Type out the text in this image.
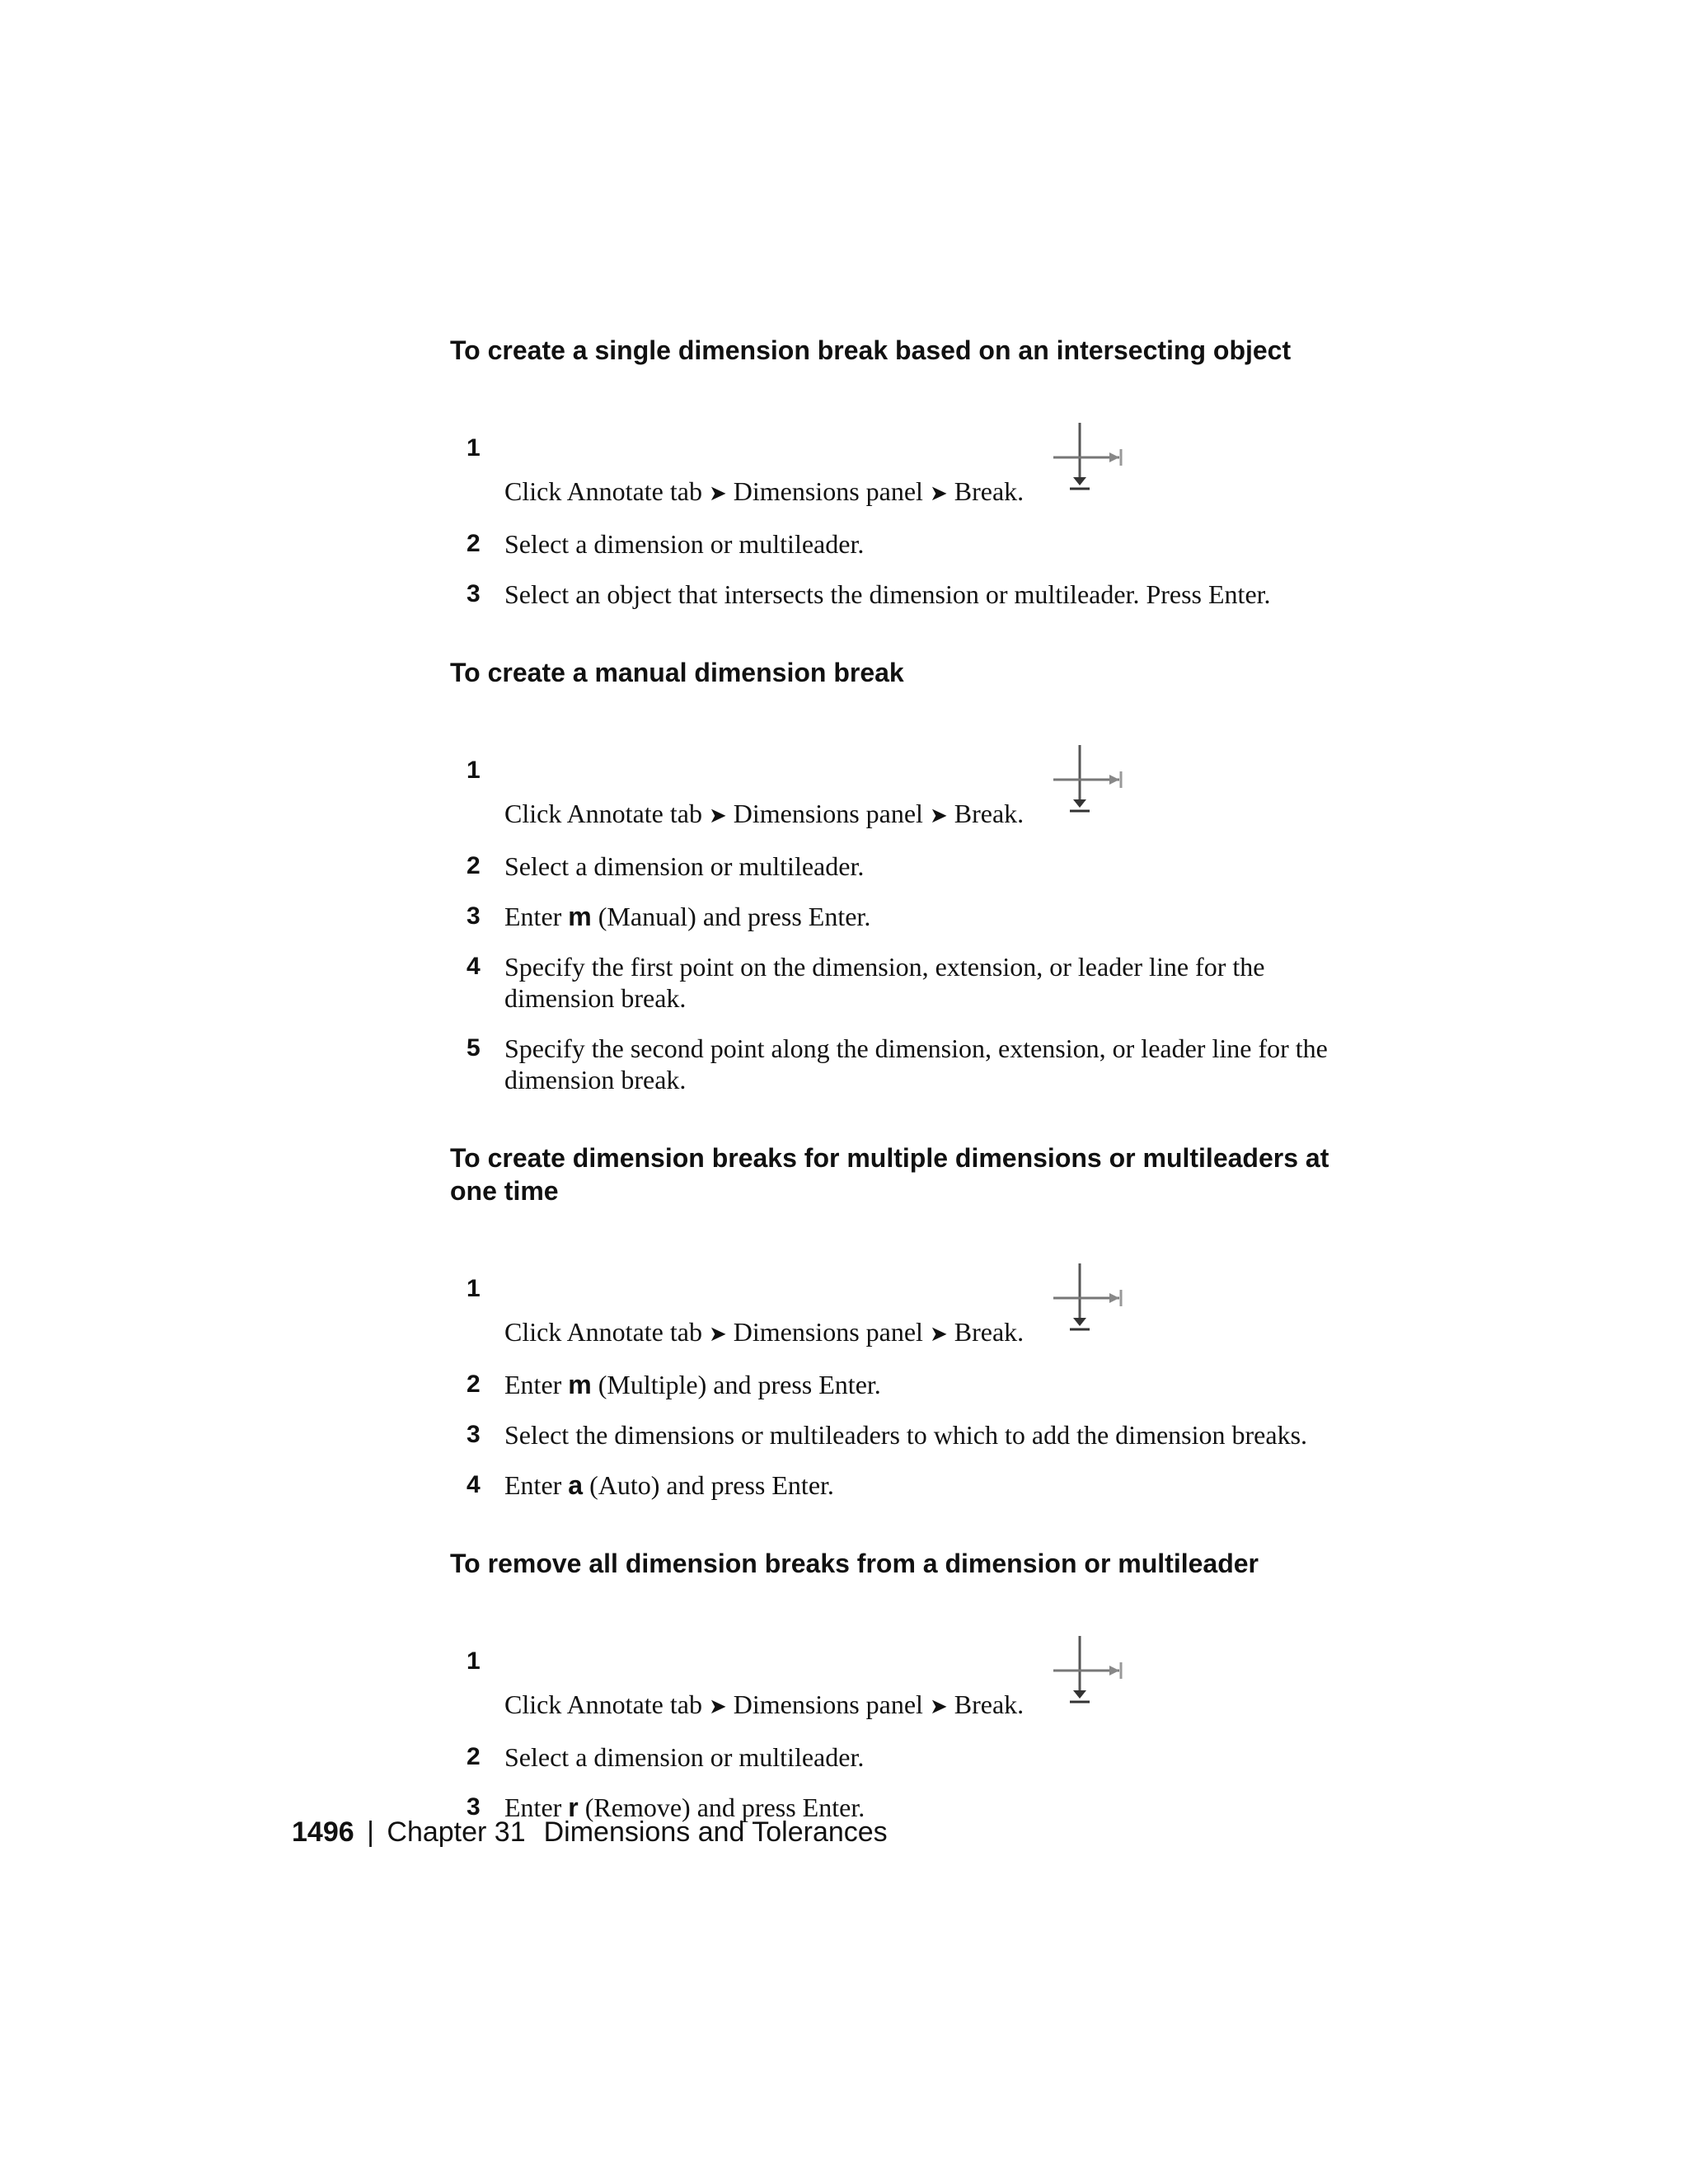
To create a single dimension break based on an intersecting object
1
Click Annotate tab ➤ Dimensions panel ➤ Break.
2 Select a dimension or multileader.
3 Select an object that intersects the dimension or multileader. Press Enter.
To create a manual dimension break
1
Click Annotate tab ➤ Dimensions panel ➤ Break.
2 Select a dimension or multileader.
3 Enter m (Manual) and press Enter.
4 Specify the first point on the dimension, extension, or leader line for the dimension break.
5 Specify the second point along the dimension, extension, or leader line for the dimension break.
To create dimension breaks for multiple dimensions or multileaders at one time
1
Click Annotate tab ➤ Dimensions panel ➤ Break.
2 Enter m (Multiple) and press Enter.
3 Select the dimensions or multileaders to which to add the dimension breaks.
4 Enter a (Auto) and press Enter.
To remove all dimension breaks from a dimension or multileader
1
Click Annotate tab ➤ Dimensions panel ➤ Break.
2 Select a dimension or multileader.
3 Enter r (Remove) and press Enter.
1496 | Chapter 31 Dimensions and Tolerances
